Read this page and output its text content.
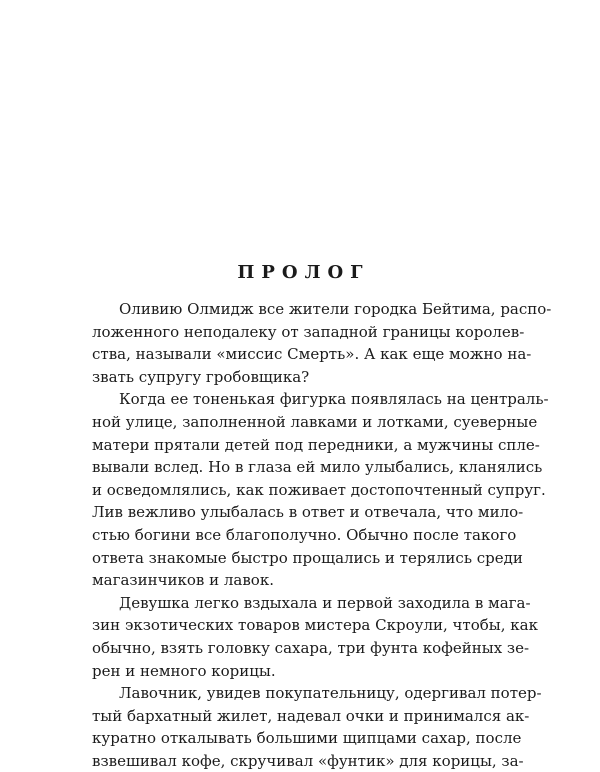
ПРОЛОГ

Оливию Олмидж все жители городка Бейтима, распо-
ложенного неподалеку от западной границы королев-
ства, называли «миссис Смерть». А как еще можно на-
звать супругу гробовщика?

Когда ее тоненькая фигурка появлялась на централь-
ной улице, заполненной лавками и лотками, суеверные
матери прятали детей под передники, а мужчины спле-
вывали вслед. Но в глаза ей мило улыбались, кланялись
и осведомлялись, как поживает достопочтенный супруг.
Лив вежливо улыбалась в ответ и отвечала, что мило-
стью богини все благополучно. Обычно после такого
ответа знакомые быстро прощались и терялись среди
магазинчиков и лавок.

Девушка легко вздыхала и первой заходила в мага-
зин экзотических товаров мистера Скроули, чтобы, как
обычно, взять головку сахара, три фунта кофейных зе-
рен и немного корицы.

Лавочник, увидев покупательницу, одергивал потер-
тый бархатный жилет, надевал очки и принимался ак-
куратно откалывать большими щипцами сахар, после
взвешивал кофе, скручивал «фунтик» для корицы, за-
